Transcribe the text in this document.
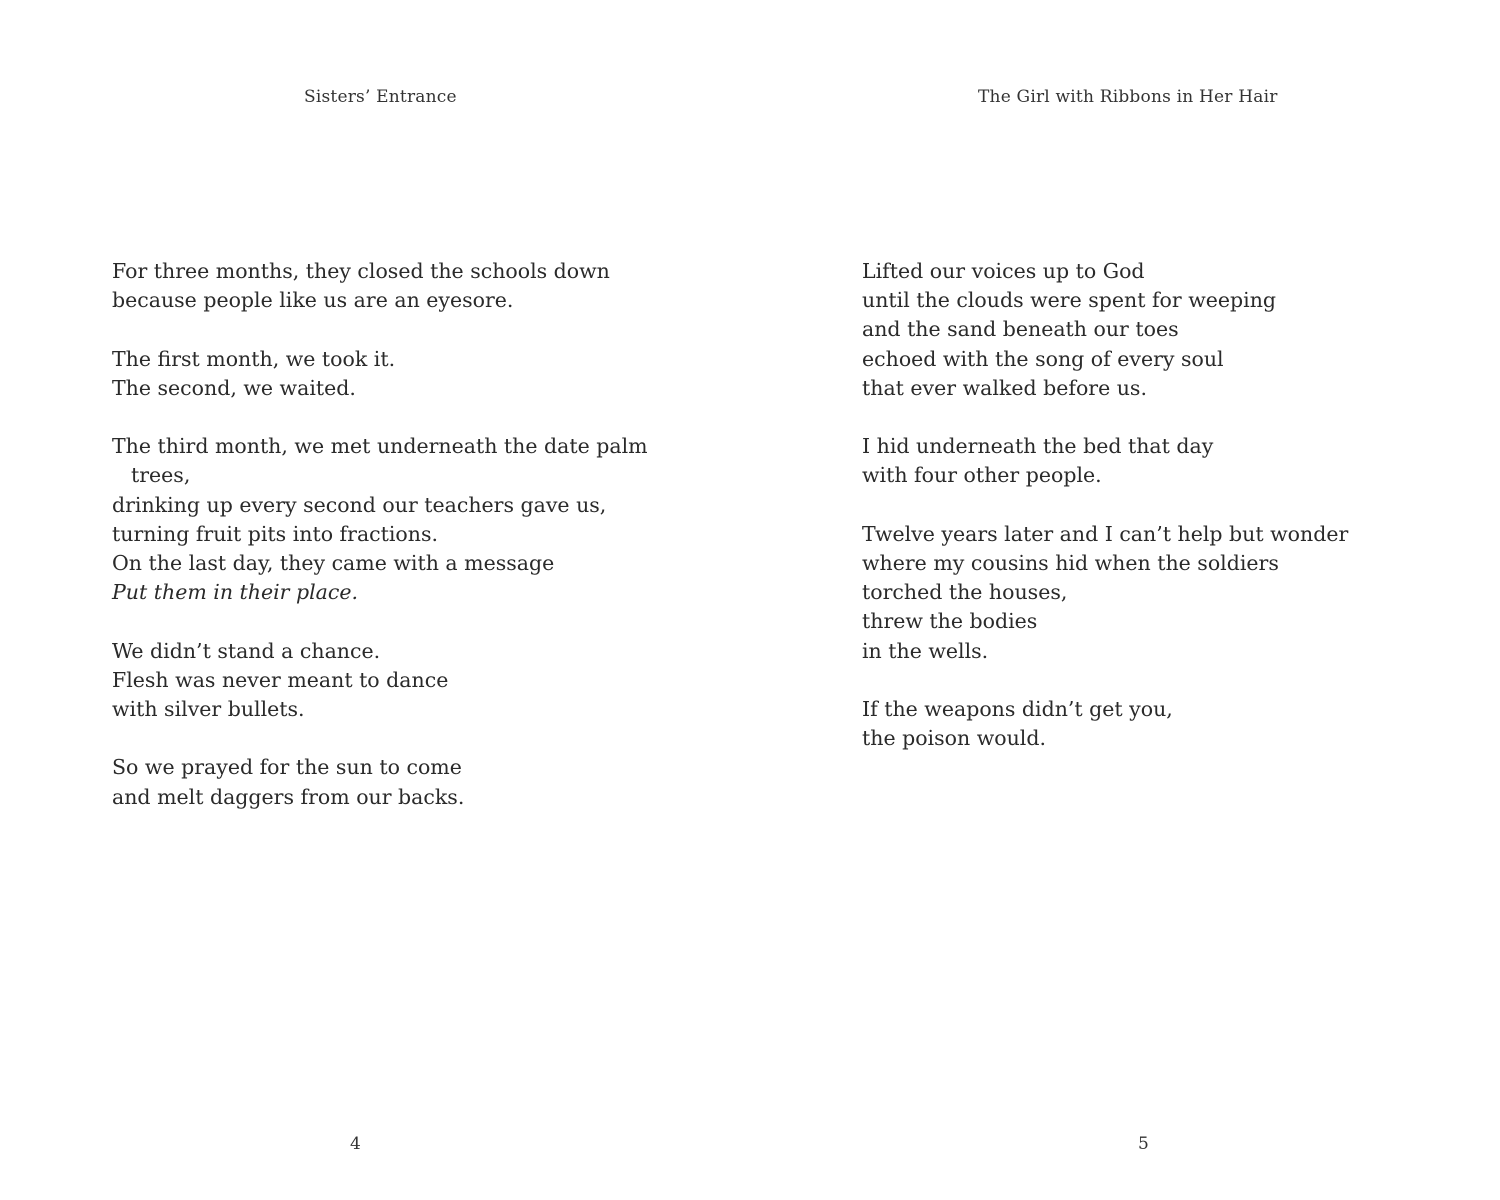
Sisters’ Entrance
For three months, they closed the schools down
because people like us are an eyesore.
The first month, we took it.
The second, we waited.
The third month, we met underneath the date palm
trees,
drinking up every second our teachers gave us,
turning fruit pits into fractions.
On the last day, they came with a message
Put them in their place.
We didn’t stand a chance.
Flesh was never meant to dance
with silver bullets.
So we prayed for the sun to come
and melt daggers from our backs.
4
The Girl with Ribbons in Her Hair
Lifted our voices up to God
until the clouds were spent for weeping
and the sand beneath our toes
echoed with the song of every soul
that ever walked before us.
I hid underneath the bed that day
with four other people.
Twelve years later and I can’t help but wonder
where my cousins hid when the soldiers
torched the houses,
threw the bodies
in the wells.
If the weapons didn’t get you,
the poison would.
5
